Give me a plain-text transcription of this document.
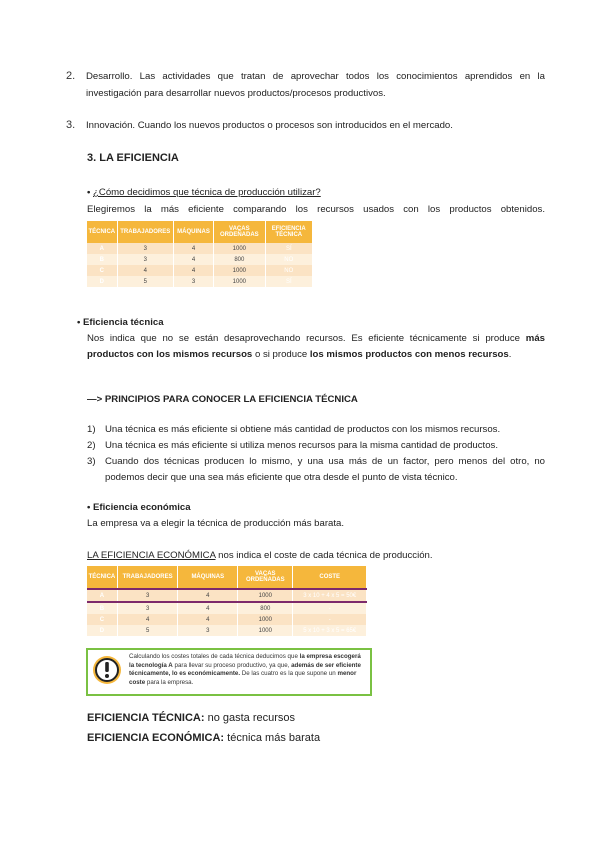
2. Desarrollo. Las actividades que tratan de aprovechar todos los conocimientos aprendidos en la
investigación para desarrollar nuevos productos/procesos productivos.
3. Innovación. Cuando los nuevos productos o procesos son introducidos en el mercado.
3. LA EFICIENCIA
• ¿Cómo decidimos que técnica de producción utilizar?
Elegiremos la más eficiente comparando los recursos usados con los productos obtenidos.
TÉCNICA	TRABAJADORES	MÁQUINAS	VACAS ORDEÑADAS	EFICIENCIA TÉCNICA
A	3	4	1000	SÍ
B	3	4	800	NO
C	4	4	1000	NO
D	5	3	1000	SÍ
• Eficiencia técnica
Nos indica que no se están desaprovechando recursos. Es eficiente técnicamente si produce más
productos con los mismos recursos o si produce los mismos productos con menos recursos.
—> PRINCIPIOS PARA CONOCER LA EFICIENCIA TÉCNICA
1) Una técnica es más eficiente si obtiene más cantidad de productos con los mismos recursos.
2) Una técnica es más eficiente si utiliza menos recursos para la misma cantidad de productos.
3) Cuando dos técnicas producen lo mismo, y una usa más de un factor, pero menos del otro, no
podemos decir que una sea más eficiente que otra desde el punto de vista técnico.
• Eficiencia económica
La empresa va a elegir la técnica de producción más barata.
LA EFICIENCIA ECONÓMICA nos indica el coste de cada técnica de producción.
TÉCNICA	TRABAJADORES	MÁQUINAS	VACAS ORDEÑADAS	COSTE
A	3	4	1000	3 x 10 + 4 x 5 = 50€
B	3	4	800	-
C	4	4	1000	-
D	5	3	1000	5 x 10 + 3 x 5 = 65€
Calculando los costes totales de cada técnica deducimos que la empresa escogerá la tecnología A para llevar su proceso productivo, ya que, además de ser eficiente técnicamente, lo es económicamente. De las cuatro es la que supone un menor coste para la empresa.
EFICIENCIA TÉCNICA: no gasta recursos
EFICIENCIA ECONÓMICA: técnica más barata
